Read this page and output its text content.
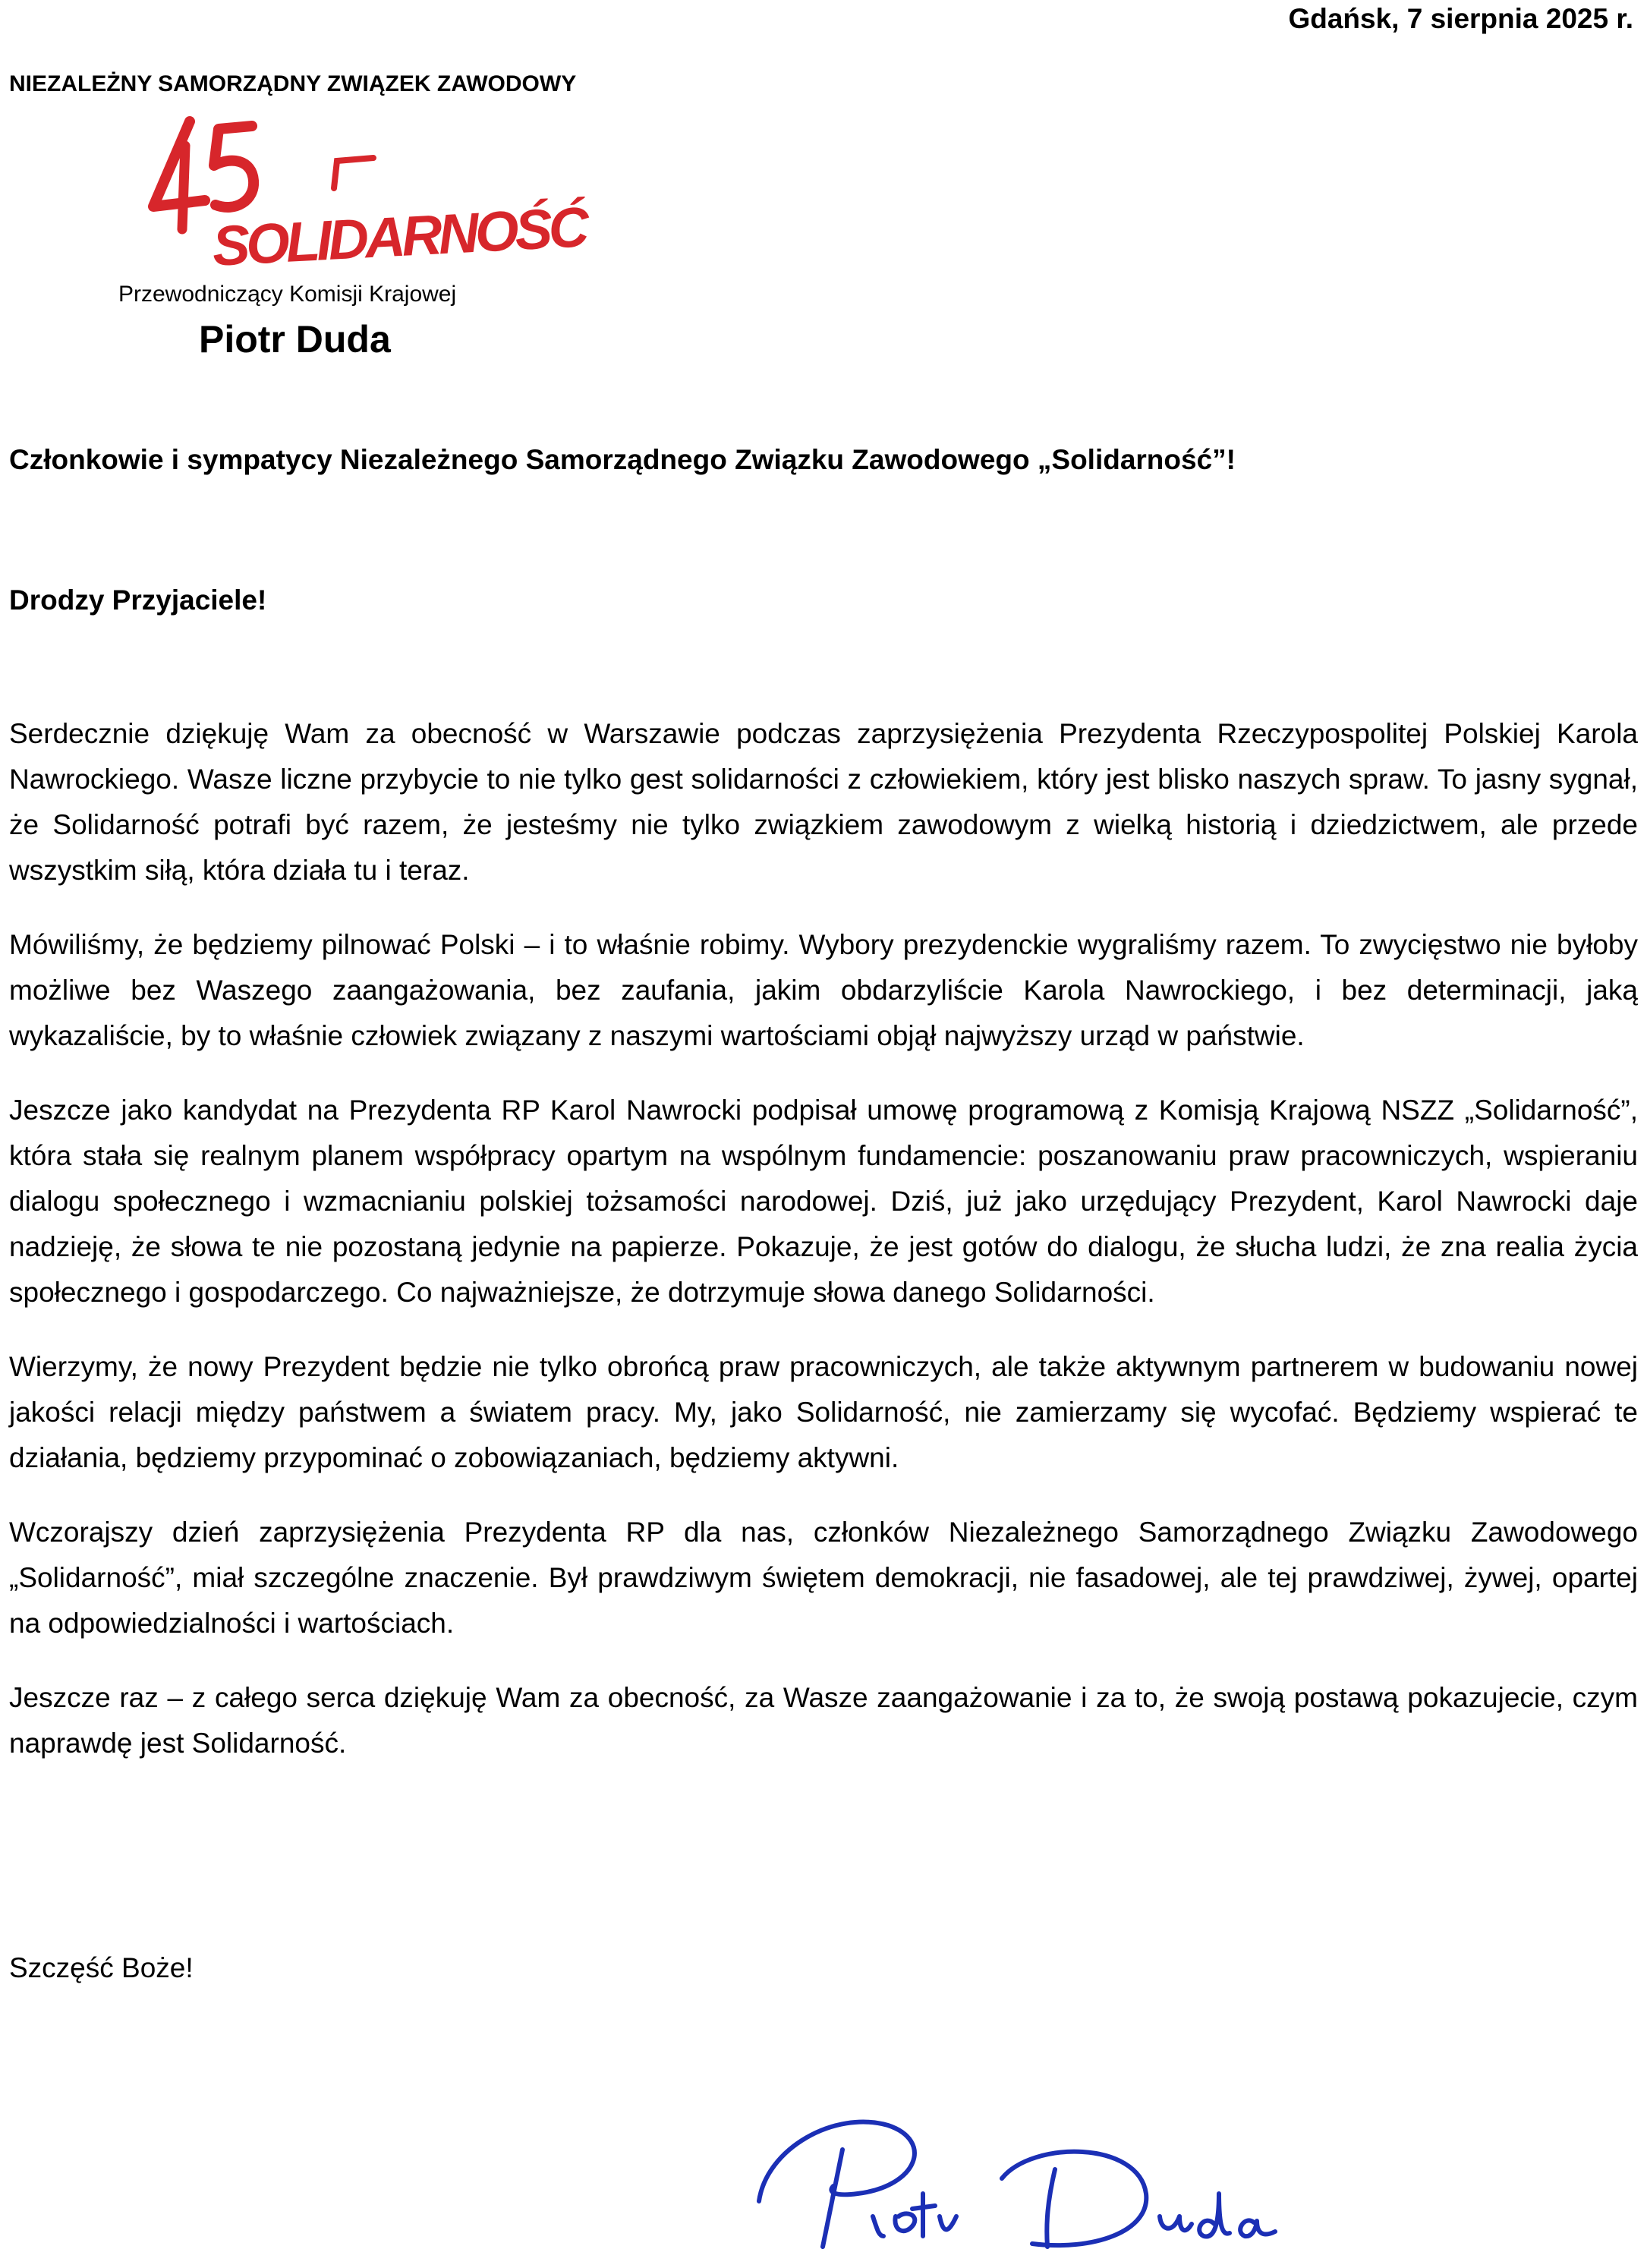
Gdańsk, 7 sierpnia 2025 r.
NIEZALEŻNY SAMORZĄDNY ZWIĄZEK ZAWODOWY
SOLIDARNOŚĆ
Przewodniczący Komisji Krajowej
Piotr Duda
Członkowie i sympatycy Niezależnego Samorządnego Związku Zawodowego „Solidarność”!
Drodzy Przyjaciele!

Serdecznie dziękuję Wam za obecność w Warszawie podczas zaprzysiężenia Prezydenta Rzeczypospolitej Polskiej Karola Nawrockiego. Wasze liczne przybycie to nie tylko gest solidarności z człowiekiem, który jest blisko naszych spraw. To jasny sygnał, że Solidarność potrafi być razem, że jesteśmy nie tylko związkiem zawodowym z wielką historią i dziedzictwem, ale przede wszystkim siłą, która działa tu i teraz.

Mówiliśmy, że będziemy pilnować Polski – i to właśnie robimy. Wybory prezydenckie wygraliśmy razem. To zwycięstwo nie byłoby możliwe bez Waszego zaangażowania, bez zaufania, jakim obdarzyliście Karola Nawrockiego, i bez determinacji, jaką wykazaliście, by to właśnie człowiek związany z naszymi wartościami objął najwyższy urząd w państwie.

Jeszcze jako kandydat na Prezydenta RP Karol Nawrocki podpisał umowę programową z Komisją Krajową NSZZ „Solidarność”, która stała się realnym planem współpracy opartym na wspólnym fundamencie: poszanowaniu praw pracowniczych, wspieraniu dialogu społecznego i wzmacnianiu polskiej tożsamości narodowej. Dziś, już jako urzędujący Prezydent, Karol Nawrocki daje nadzieję, że słowa te nie pozostaną jedynie na papierze. Pokazuje, że jest gotów do dialogu, że słucha ludzi, że zna realia życia społecznego i gospodarczego. Co najważniejsze, że dotrzymuje słowa danego Solidarności.

Wierzymy, że nowy Prezydent będzie nie tylko obrońcą praw pracowniczych, ale także aktywnym partnerem w budowaniu nowej jakości relacji między państwem a światem pracy. My, jako Solidarność, nie zamierzamy się wycofać. Będziemy wspierać te działania, będziemy przypominać o zobowiązaniach, będziemy aktywni.

Wczorajszy dzień zaprzysiężenia Prezydenta RP dla nas, członków Niezależnego Samorządnego Związku Zawodowego „Solidarność”, miał szczególne znaczenie. Był prawdziwym świętem demokracji, nie fasadowej, ale tej prawdziwej, żywej, opartej na odpowiedzialności i wartościach.

Jeszcze raz – z całego serca dziękuję Wam za obecność, za Wasze zaangażowanie i za to, że swoją postawą pokazujecie, czym naprawdę jest Solidarność.

Szczęść Boże!
